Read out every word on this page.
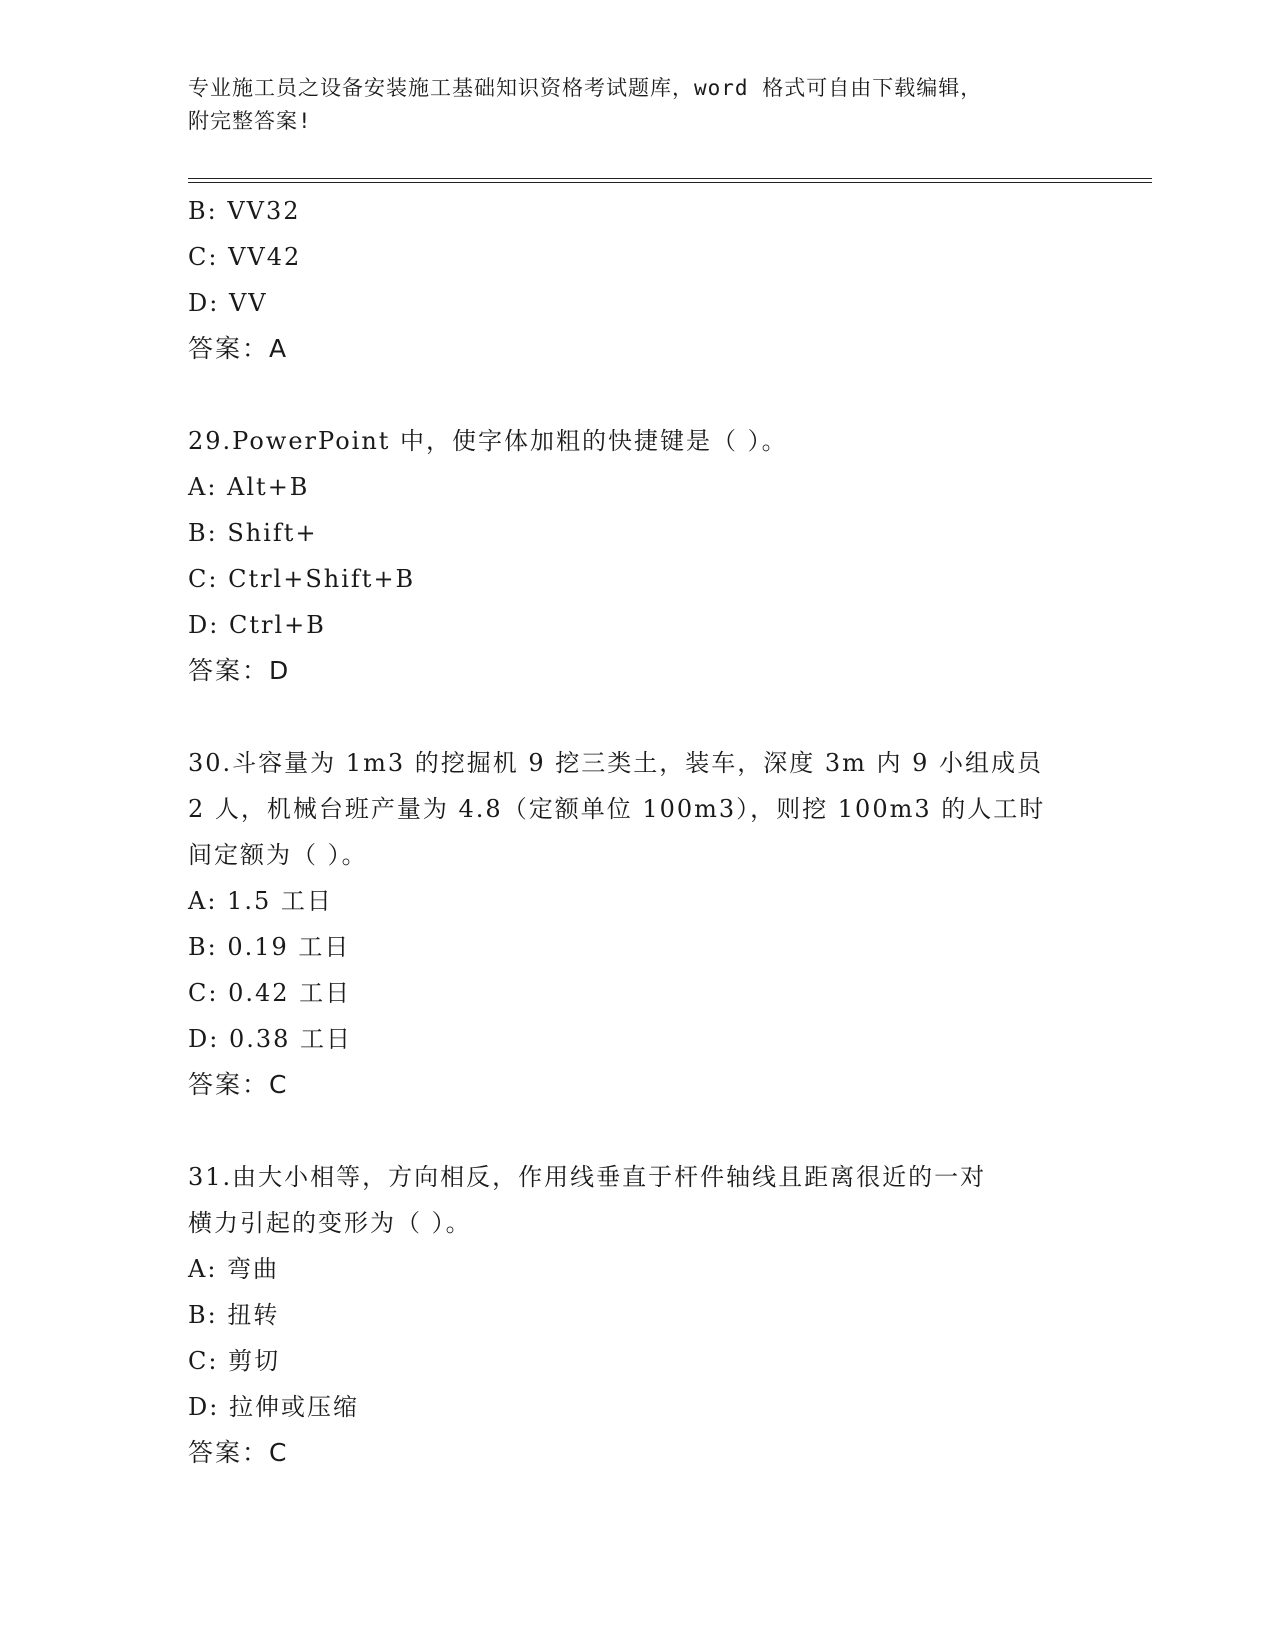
专业施工员之设备安装施工基础知识资格考试题库，word 格式可自由下载编辑，
附完整答案!
B: VV32
C: VV42
D: VV
答案：A
29.PowerPoint 中，使字体加粗的快捷键是（ ）。
A: Alt+B
B: Shift+
C: Ctrl+Shift+B
D: Ctrl+B
答案：D
30.斗容量为 1m3 的挖掘机 9 挖三类土，装车，深度 3m 内 9 小组成员
2 人，机械台班产量为 4.8（定额单位 100m3），则挖 100m3 的人工时
间定额为（ ）。
A: 1.5 工日
B: 0.19 工日
C: 0.42 工日
D: 0.38 工日
答案：C
31.由大小相等，方向相反，作用线垂直于杆件轴线且距离很近的一对
横力引起的变形为（ ）。
A: 弯曲
B: 扭转
C: 剪切
D: 拉伸或压缩
答案：C
